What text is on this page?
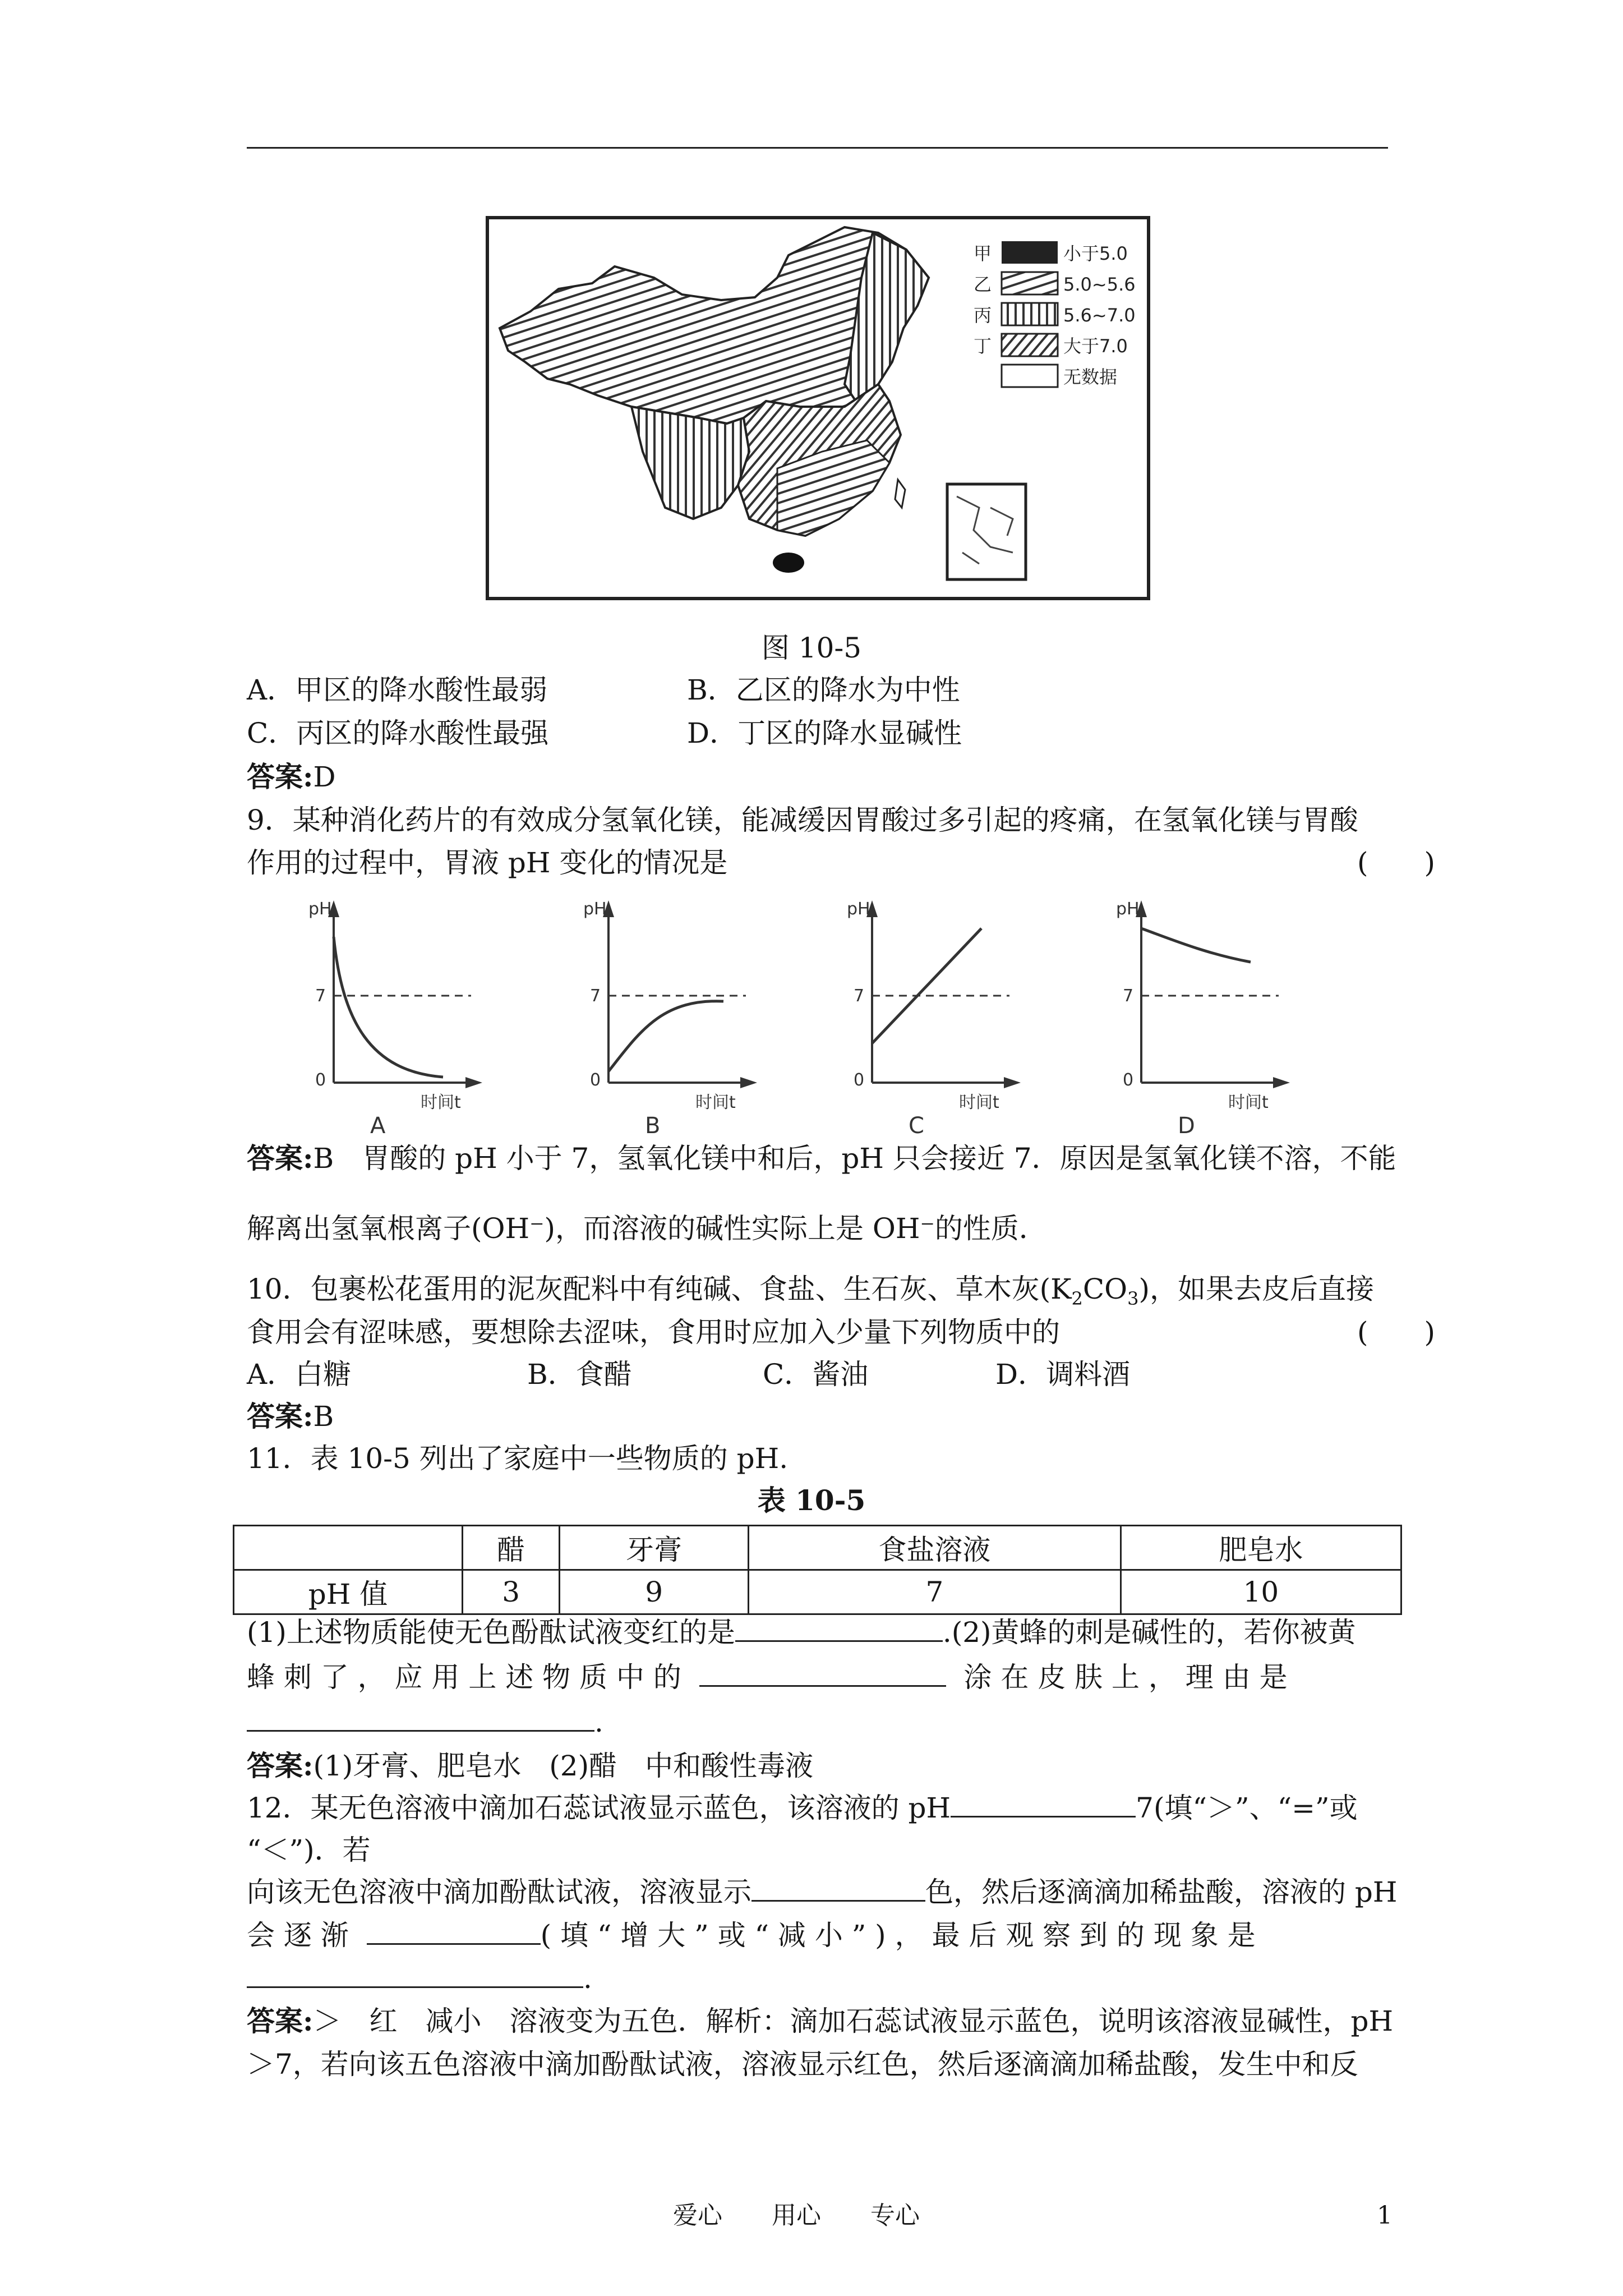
甲
乙
丙
丁
小于5.0
5.0~5.6
5.6~7.0
大于7.0
无数据
图 10-5
A．甲区的降水酸性最弱	B．乙区的降水为中性
C．丙区的降水酸性最强	D．丁区的降水显碱性
答案:D
9．某种消化药片的有效成分氢氧化镁，能减缓因胃酸过多引起的疼痛，在氢氧化镁与胃酸
作用的过程中，胃液 pH 变化的情况是	(　　)
pH
7
0
时间t
A
pH
7
0
时间t
B
pH
7
0
时间t
C
pH
7
0
时间t
D
答案:B　胃酸的 pH 小于 7，氢氧化镁中和后，pH 只会接近 7．原因是氢氧化镁不溶，不能
解离出氢氧根离子(OH⁻)，而溶液的碱性实际上是 OH⁻的性质．
10．包裹松花蛋用的泥灰配料中有纯碱、食盐、生石灰、草木灰$(K_2CO_3)$，如果去皮后直接
食用会有涩味感，要想除去涩味，食用时应加入少量下列物质中的	(　　)
A．白糖	B．食醋	C．酱油	D．调料酒
答案:B
11．表 10-5 列出了家庭中一些物质的 pH.
表 10-5
	醋	牙膏	食盐溶液	肥皂水
pH 值	3	9	7	10
(1)上述物质能使无色酚酞试液变红的是	.(2)黄蜂的刺是碱性的，若你被黄
蜂 刺 了 ， 应 用 上 述 物 质 中 的	涂 在 皮 肤 上 ， 理 由 是
.
答案:(1)牙膏、肥皂水　(2)醋　中和酸性毒液
12．某无色溶液中滴加石蕊试液显示蓝色，该溶液的 pH	7(填“＞”、“=”或
“＜”)．若
向该无色溶液中滴加酚酞试液，溶液显示	色，然后逐滴滴加稀盐酸，溶液的 pH
会 逐 渐	( 填 “ 增 大 ” 或 “ 减 小 ” ) ， 最 后 观 察 到 的 现 象 是
.
答案:＞　红　减小　溶液变为五色．解析：滴加石蕊试液显示蓝色，说明该溶液显碱性，pH
＞7，若向该五色溶液中滴加酚酞试液，溶液显示红色，然后逐滴滴加稀盐酸，发生中和反
爱心　　用心　　专心	1
